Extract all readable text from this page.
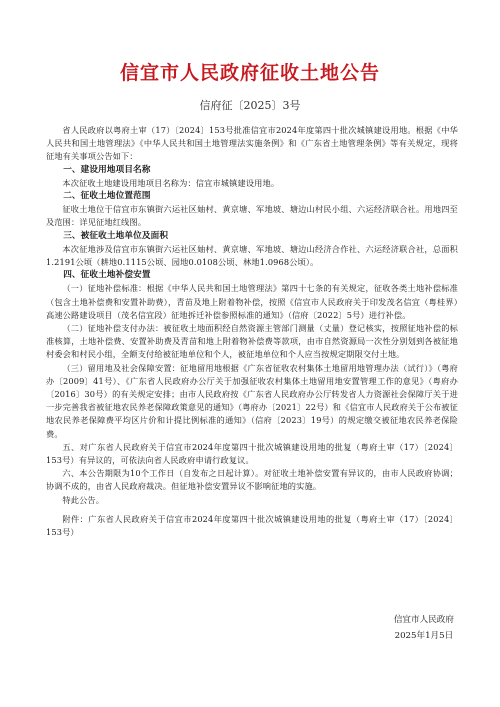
信宜市人民政府征收土地公告
信府征〔2025〕3号

省人民政府以粤府土审（17）〔2024〕153号批准信宜市2024年度第四十批次城镇建设用地。根据《中华人民共和国土地管理法》《中华人民共和国土地管理法实施条例》和《广东省土地管理条例》等有关规定，现将征地有关事项公告如下：

一、建设用地项目名称

本次征收土地建设用地项目名称为：信宜市城镇建设用地。

二、征收土地位置范围

征收土地位于信宜市东镇街六运社区妯村、黄京塘、军地坡、塘边山村民小组、六运经济联合社。用地四至及范围：详见征地红线图。

三、被征收土地单位及面积

本次征地涉及信宜市东镇街六运社区妯村、黄京塘、军地坡、塘边山经济合作社、六运经济联合社，总面积1.2191公顷（耕地0.1115公顷、园地0.0108公顷、林地1.0968公顷）。

四、征收土地补偿安置

（一）征地补偿标准：根据《中华人民共和国土地管理法》第四十七条的有关规定，征收各类土地补偿标准（包含土地补偿费和安置补助费），青苗及地上附着物补偿，按照《信宜市人民政府关于印发茂名信宜（粤桂界）高速公路建设项目（茂名信宜段）征地拆迁补偿参照标准的通知》（信府〔2022〕5号）进行补偿。

（二）征地补偿支付办法：被征收土地面积经自然资源主管部门测量（丈量）登记核实，按照征地补偿的标准核算，土地补偿费、安置补助费及青苗和地上附着物补偿费等款项，由市自然资源局一次性分别划到各被征地村委会和村民小组，全额支付给被征地单位和个人，被征地单位和个人应当按规定期限交付土地。

（三）留用地及社会保障安置：征地留用地根据《广东省征收农村集体土地留用地管理办法（试行）》（粤府办〔2009〕41号）、《广东省人民政府办公厅关于加强征收农村集体土地留用地安置管理工作的意见》（粤府办〔2016〕30号）的有关规定安排；由市人民政府按《广东省人民政府办公厅转发省人力资源社会保障厅关于进一步完善我省被征地农民养老保障政策意见的通知》（粤府办〔2021〕22号）和《信宜市人民政府关于公布被征地农民养老保障费平均区片价和计提比例标准的通知》（信府〔2023〕19号）的规定缴交被征地农民养老保险费。

五、对广东省人民政府关于信宜市2024年度第四十批次城镇建设用地的批复（粤府土审（17）〔2024〕153号）有异议的，可依法向省人民政府申请行政复议。

六、本公告期限为10个工作日（自发布之日起计算）。对征收土地补偿安置有异议的，由市人民政府协调；协调不成的，由省人民政府裁决。但征地补偿安置异议不影响征地的实施。

特此公告。

附件：广东省人民政府关于信宜市2024年度第四十批次城镇建设用地的批复（粤府土审（17）〔2024〕153号）

信宜市人民政府
2025年1月5日
